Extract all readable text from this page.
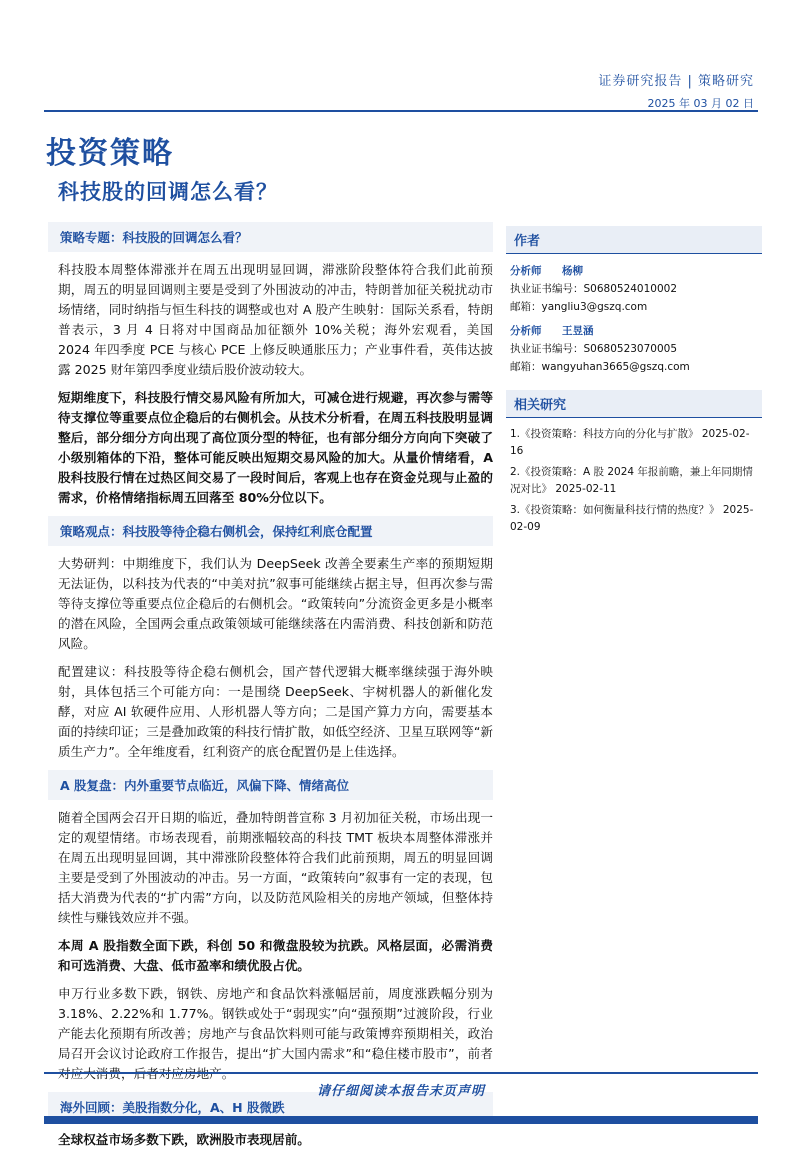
证券研究报告 | 策略研究
2025 年 03 月 02 日
投资策略
科技股的回调怎么看？
策略专题：科技股的回调怎么看？

科技股本周整体滞涨并在周五出现明显回调，滞涨阶段整体符合我们此前预期，周五的明显回调则主要是受到了外围波动的冲击，特朗普加征关税扰动市场情绪，同时纳指与恒生科技的调整或也对 A 股产生映射：国际关系看，特朗普表示，3 月 4 日将对中国商品加征额外 10%关税；海外宏观看，美国 2024 年四季度 PCE 与核心 PCE 上修反映通胀压力；产业事件看，英伟达披露 2025 财年第四季度业绩后股价波动较大。

短期维度下，科技股行情交易风险有所加大，可减仓进行规避，再次参与需等待支撑位等重要点位企稳后的右侧机会。从技术分析看，在周五科技股明显调整后，部分细分方向出现了高位顶分型的特征，也有部分细分方向向下突破了小级别箱体的下沿，整体可能反映出短期交易风险的加大。从量价情绪看，A 股科技股行情在过热区间交易了一段时间后，客观上也存在资金兑现与止盈的需求，价格情绪指标周五回落至 80%分位以下。

策略观点：科技股等待企稳右侧机会，保持红利底仓配置

大势研判：中期维度下，我们认为 DeepSeek 改善全要素生产率的预期短期无法证伪，以科技为代表的“中美对抗”叙事可能继续占据主导，但再次参与需等待支撑位等重要点位企稳后的右侧机会。“政策转向”分流资金更多是小概率的潜在风险，全国两会重点政策领域可能继续落在内需消费、科技创新和防范风险。

配置建议：科技股等待企稳右侧机会，国产替代逻辑大概率继续强于海外映射，具体包括三个可能方向：一是围绕 DeepSeek、宇树机器人的新催化发酵，对应 AI 软硬件应用、人形机器人等方向；二是国产算力方向，需要基本面的持续印证；三是叠加政策的科技行情扩散，如低空经济、卫星互联网等“新质生产力”。全年维度看，红利资产的底仓配置仍是上佳选择。

A 股复盘：内外重要节点临近，风偏下降、情绪高位

随着全国两会召开日期的临近，叠加特朗普宣称 3 月初加征关税，市场出现一定的观望情绪。市场表现看，前期涨幅较高的科技 TMT 板块本周整体滞涨并在周五出现明显回调，其中滞涨阶段整体符合我们此前预期，周五的明显回调主要是受到了外围波动的冲击。另一方面，“政策转向”叙事有一定的表现，包括大消费为代表的“扩内需”方向，以及防范风险相关的房地产领域，但整体持续性与赚钱效应并不强。

本周 A 股指数全面下跌，科创 50 和微盘股较为抗跌。风格层面，必需消费和可选消费、大盘、低市盈率和绩优股占优。

申万行业多数下跌，钢铁、房地产和食品饮料涨幅居前，周度涨跌幅分别为 3.18%、2.22%和 1.77%。钢铁或处于“弱现实”向“强预期”过渡阶段，行业产能去化预期有所改善；房地产与食品饮料则可能与政策博弈预期相关，政治局召开会议讨论政府工作报告，提出“扩大国内需求”和“稳住楼市股市”，前者对应大消费，后者对应房地产。

海外回顾：美股指数分化，A、H 股微跌

全球权益市场多数下跌，欧洲股市表现居前。

作者
分析师 杨柳
执业证书编号：S0680524010002
邮箱：yangliu3@gszq.com
分析师 王昱涵
执业证书编号：S0680523070005
邮箱：wangyuhan3665@gszq.com
相关研究
1.《投资策略：科技方向的分化与扩散》 2025-02-16
2.《投资策略：A 股 2024 年报前瞻，兼上年同期情况对比》 2025-02-11
3.《投资策略：如何衡量科技行情的热度？》 2025-02-09
请仔细阅读本报告末页声明
